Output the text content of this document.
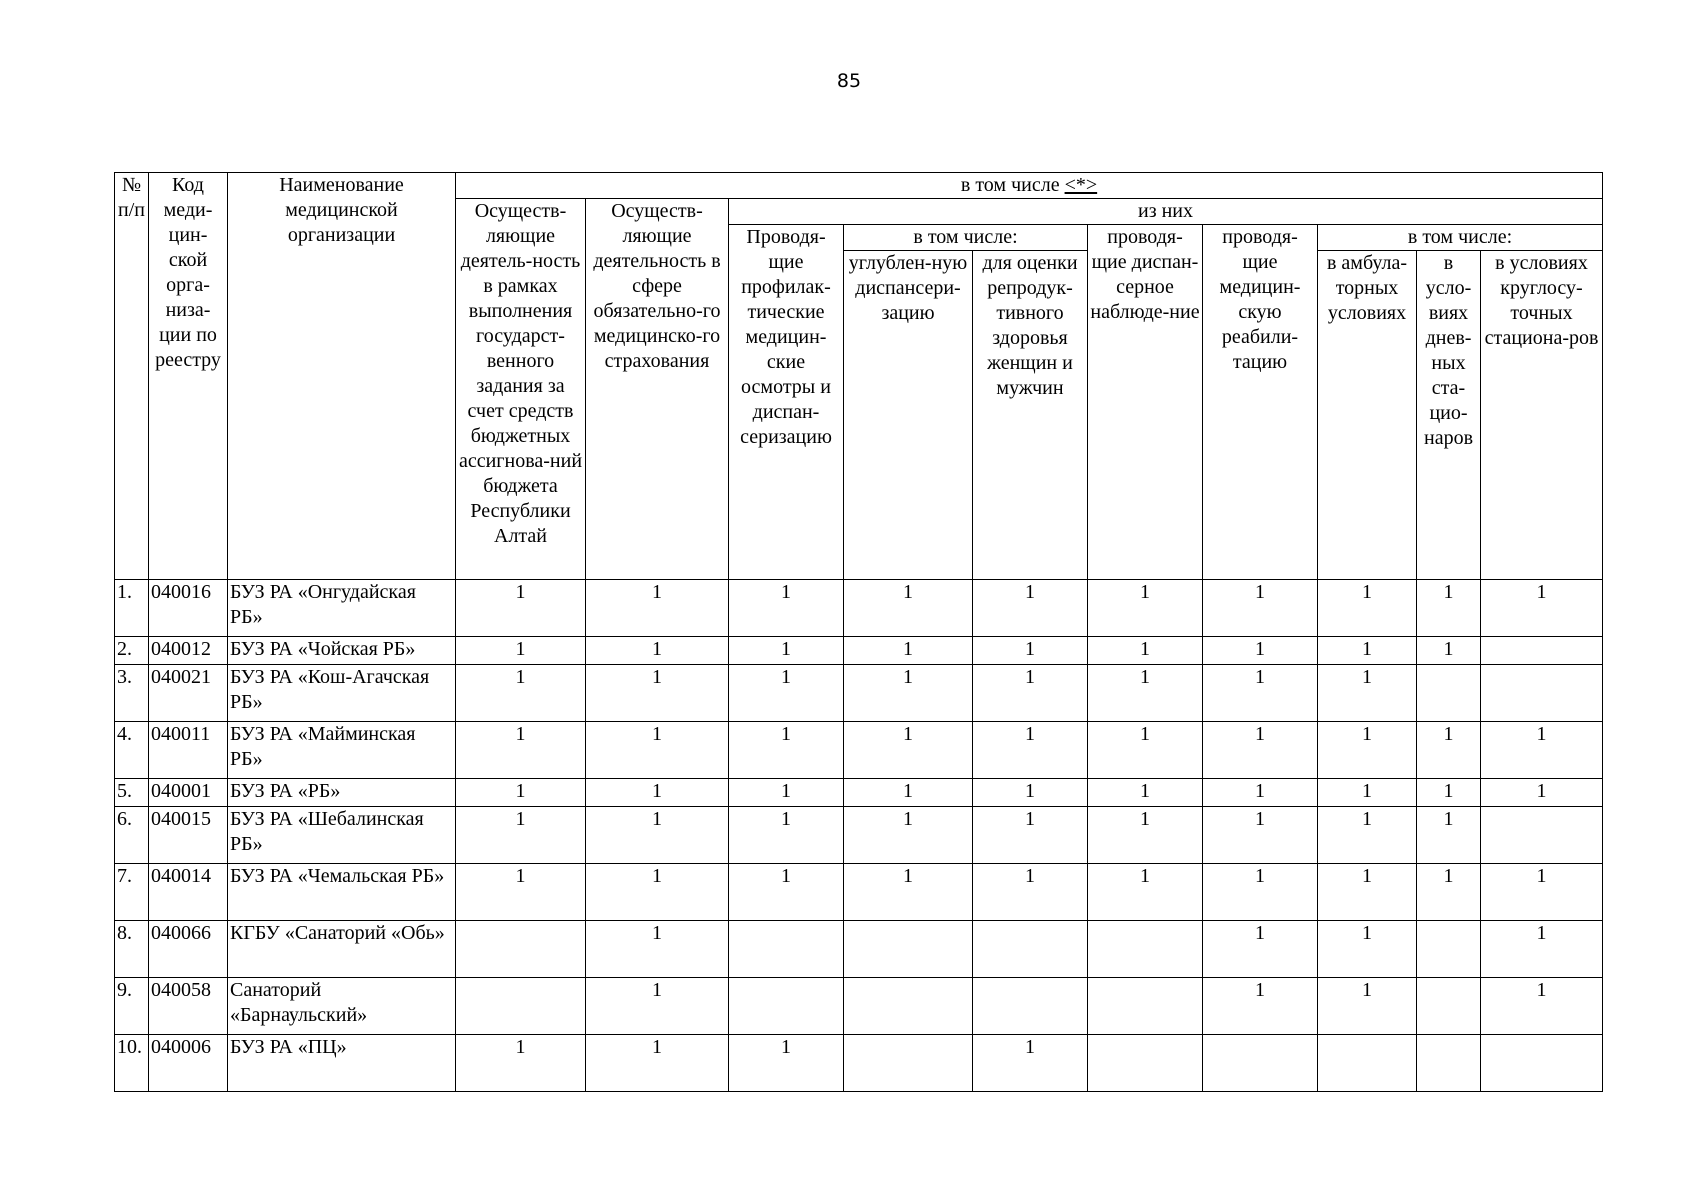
85
№ п/п	Код меди-цин-ской орга-низа-ции по реестру	Наименование медицинской организации	в том числе <*>									
			Осуществ-ляющие деятель-ность в рамках выполнения государст-венного задания за счет средств бюджетных ассигнова-ний бюджета Республики Алтай	Осуществ-ляющие деятельность в сфере обязательно-го медицинско-го страхования	из них							
					Проводя-щие профилак-тические медицин-ские осмотры и диспан-серизацию	в том числе:		проводя-щие диспан-серное наблюде-ние	проводя-щие медицин-скую реабили-тацию	в том числе:		
						углублен-ную диспансери-зацию	для оценки репродук-тивного здоровья женщин и мужчин			в амбула-торных условиях	в усло-виях днев-ных ста-цио-наров	в условиях круглосу-точных стациона-ров
1.	040016	БУЗ РА «Онгудайская РБ»	1	1	1	1	1	1	1	1	1	1
2.	040012	БУЗ РА «Чойская РБ»	1	1	1	1	1	1	1	1	1	
3.	040021	БУЗ РА «Кош-Агачская РБ»	1	1	1	1	1	1	1	1		
4.	040011	БУЗ РА «Майминская РБ»	1	1	1	1	1	1	1	1	1	1
5.	040001	БУЗ РА «РБ»	1	1	1	1	1	1	1	1	1	1
6.	040015	БУЗ РА «Шебалинская РБ»	1	1	1	1	1	1	1	1	1	
7.	040014	БУЗ РА «Чемальская РБ»	1	1	1	1	1	1	1	1	1	1
8.	040066	КГБУ «Санаторий «Обь»		1					1	1		1
9.	040058	Санаторий «Барнаульский»		1					1	1		1
10.	040006	БУЗ РА «ПЦ»	1	1	1		1					
